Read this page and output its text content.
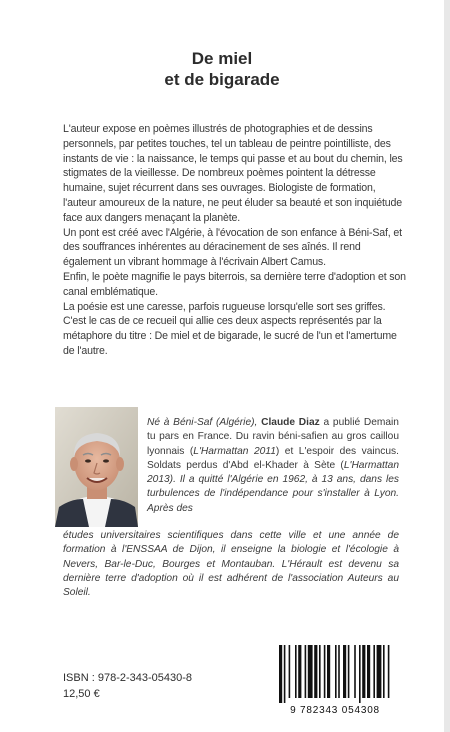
De miel
et de bigarade

L'auteur expose en poèmes illustrés de photographies et de dessins personnels, par petites touches, tel un tableau de peintre pointilliste, des instants de vie : la naissance, le temps qui passe et au bout du chemin, les stigmates de la vieillesse. De nombreux poèmes pointent la détresse humaine, sujet récurrent dans ses ouvrages. Biologiste de formation, l'auteur amoureux de la nature, ne peut éluder sa beauté et son inquiétude face aux dangers menaçant la planète.

Un pont est créé avec l'Algérie, à l'évocation de son enfance à Béni-Saf, et des souffrances inhérentes au déracinement de ses aînés. Il rend également un vibrant hommage à l'écrivain Albert Camus.

Enfin, le poète magnifie le pays biterrois, sa dernière terre d'adoption et son canal emblématique.

La poésie est une caresse, parfois rugueuse lorsqu'elle sort ses griffes. C'est le cas de ce recueil qui allie ces deux aspects représentés par la métaphore du titre : De miel et de bigarade, le sucré de l'un et l'amertume de l'autre.

Né à Béni-Saf (Algérie), Claude Diaz a publié Demain tu pars en France. Du ravin béni-safien au gros caillou lyonnais (L'Harmattan 2011) et L'espoir des vaincus. Soldats perdus d'Abd el-Khader à Sète (L'Harmattan 2013). Il a quitté l'Algérie en 1962, à 13 ans, dans les turbulences de l'indépendance pour s'installer à Lyon. Après des
études universitaires scientifiques dans cette ville et une année de formation à l'ENSSAA de Dijon, il enseigne la biologie et l'écologie à Nevers, Bar-le-Duc, Bourges et Montauban. L'Hérault est devenu sa dernière terre d'adoption où il est adhérent de l'association Auteurs au Soleil.
ISBN : 978-2-343-05430-8
12,50 €
9 782343 054308
